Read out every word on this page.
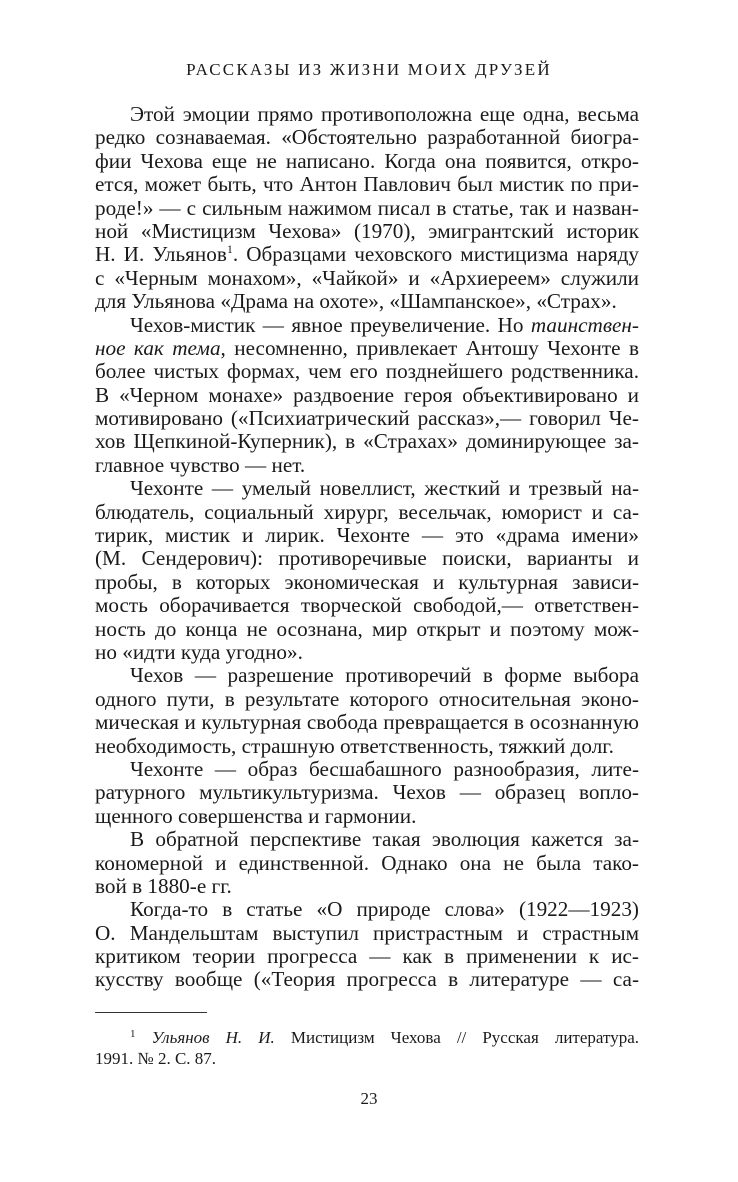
РАССКАЗЫ ИЗ ЖИЗНИ МОИХ ДРУЗЕЙ
Этой эмоции прямо противоположна еще одна, весьма
редко сознаваемая. «Обстоятельно разработанной биогра-
фии Чехова еще не написано. Когда она появится, откро-
ется, может быть, что Антон Павлович был мистик по при-
роде!» — с сильным нажимом писал в статье, так и назван-
ной «Мистицизм Чехова» (1970), эмигрантский историк
Н. И. Ульянов$^1$. Образцами чеховского мистицизма наряду
с «Черным монахом», «Чайкой» и «Архиереем» служили
для Ульянова «Драма на охоте», «Шампанское», «Страх».
Чехов-мистик — явное преувеличение. Но таинствен-
ное как тема, несомненно, привлекает Антошу Чехонте в
более чистых формах, чем его позднейшего родственника.
В «Черном монахе» раздвоение героя объективировано и
мотивировано («Психиатрический рассказ»,— говорил Че-
хов Щепкиной-Куперник), в «Страхах» доминирующее за-
главное чувство — нет.
Чехонте — умелый новеллист, жесткий и трезвый на-
блюдатель, социальный хирург, весельчак, юморист и са-
тирик, мистик и лирик. Чехонте — это «драма имени»
(М. Сендерович): противоречивые поиски, варианты и
пробы, в которых экономическая и культурная зависи-
мость оборачивается творческой свободой,— ответствен-
ность до конца не осознана, мир открыт и поэтому мож-
но «идти куда угодно».
Чехов — разрешение противоречий в форме выбора
одного пути, в результате которого относительная эконо-
мическая и культурная свобода превращается в осознанную
необходимость, страшную ответственность, тяжкий долг.
Чехонте — образ бесшабашного разнообразия, лите-
ратурного мультикультуризма. Чехов — образец вопло-
щенного совершенства и гармонии.
В обратной перспективе такая эволюция кажется за-
кономерной и единственной. Однако она не была тако-
вой в 1880-е гг.
Когда-то в статье «О природе слова» (1922—1923)
О. Мандельштам выступил пристрастным и страстным
критиком теории прогресса — как в применении к ис-
кусству вообще («Теория прогресса в литературе — са-
$^1$ Ульянов Н. И. Мистицизм Чехова // Русская литература.
1991. № 2. С. 87.
23
